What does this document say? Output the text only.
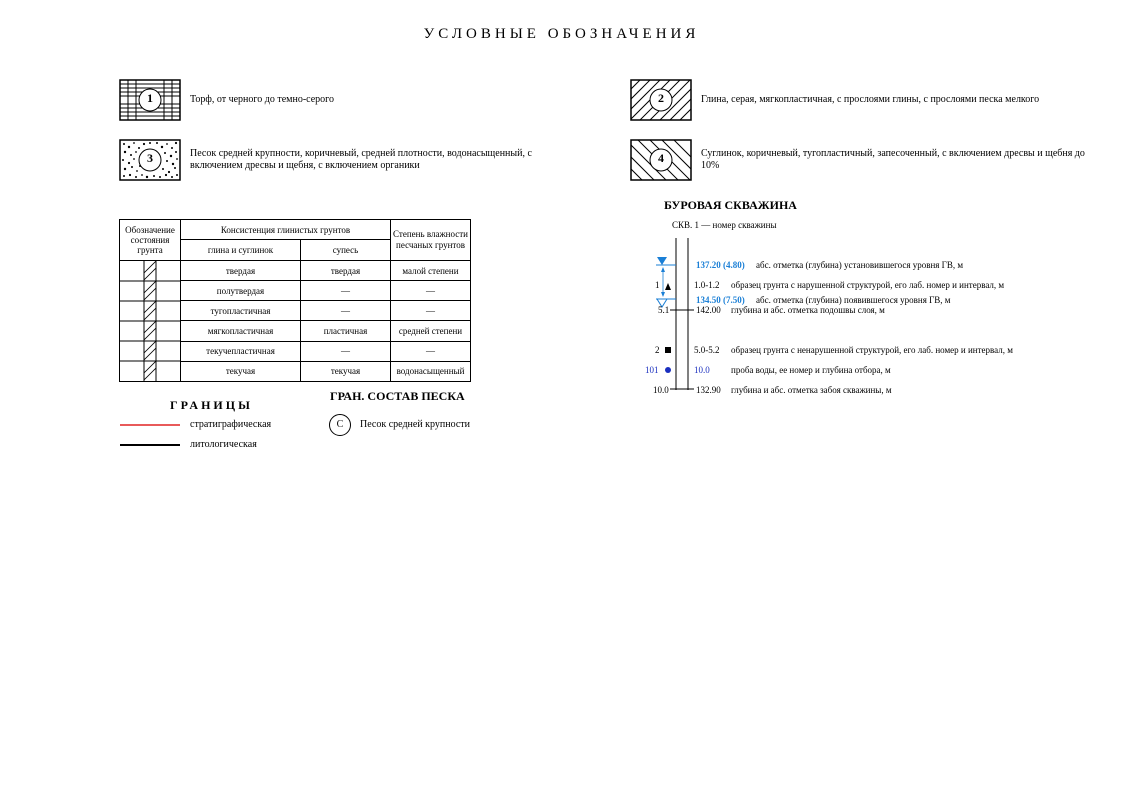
УСЛОВНЫЕ ОБОЗНАЧЕНИЯ
1	Торф, от черного до темно-серого	2	Глина, серая, мягкопластичная, с прослоями глины, с прослоями песка мелкого
3	Песок средней крупности, коричневый, средней плотности, водонасыщенный, с включением дресвы и щебня, с включением органики
4	Суглинок, коричневый, тугопластичный, запесоченный, с включением дресвы и щебня до 10%
Обозначение состояния грунта	Консистенция глинистых грунтов		Степень влажности песчаных грунтов
	глина и суглинок	супесь	

	твердая	твердая	малой степени
	полутвердая	—	—
	тугопластичная	—	—
	мягкопластичная	пластичная	средней степени
	текучепластичная	—	—
	текучая	текучая	водонасыщенный
ГРАНИЦЫ
стратиграфическая
литологическая
ГРАН. СОСТАВ ПЕСКА
С	Песок средней крупности
БУРОВАЯ СКВАЖИНА
СКВ. 1 — номер скважины
137.20 (4.80) абс. отметка (глубина) установившегося уровня ГВ, м
1	1.0-1.2 образец грунта с нарушенной структурой, его лаб. номер и интервал, м
134.50 (7.50) абс. отметка (глубина) появившегося уровня ГВ, м
5.1	142.00 глубина и абс. отметка подошвы слоя, м
2	5.0-5.2 образец грунта с ненарушенной структурой, его лаб. номер и интервал, м
101	10.0 проба воды, ее номер и глубина отбора, м
10.0	132.90 глубина и абс. отметка забоя скважины, м
